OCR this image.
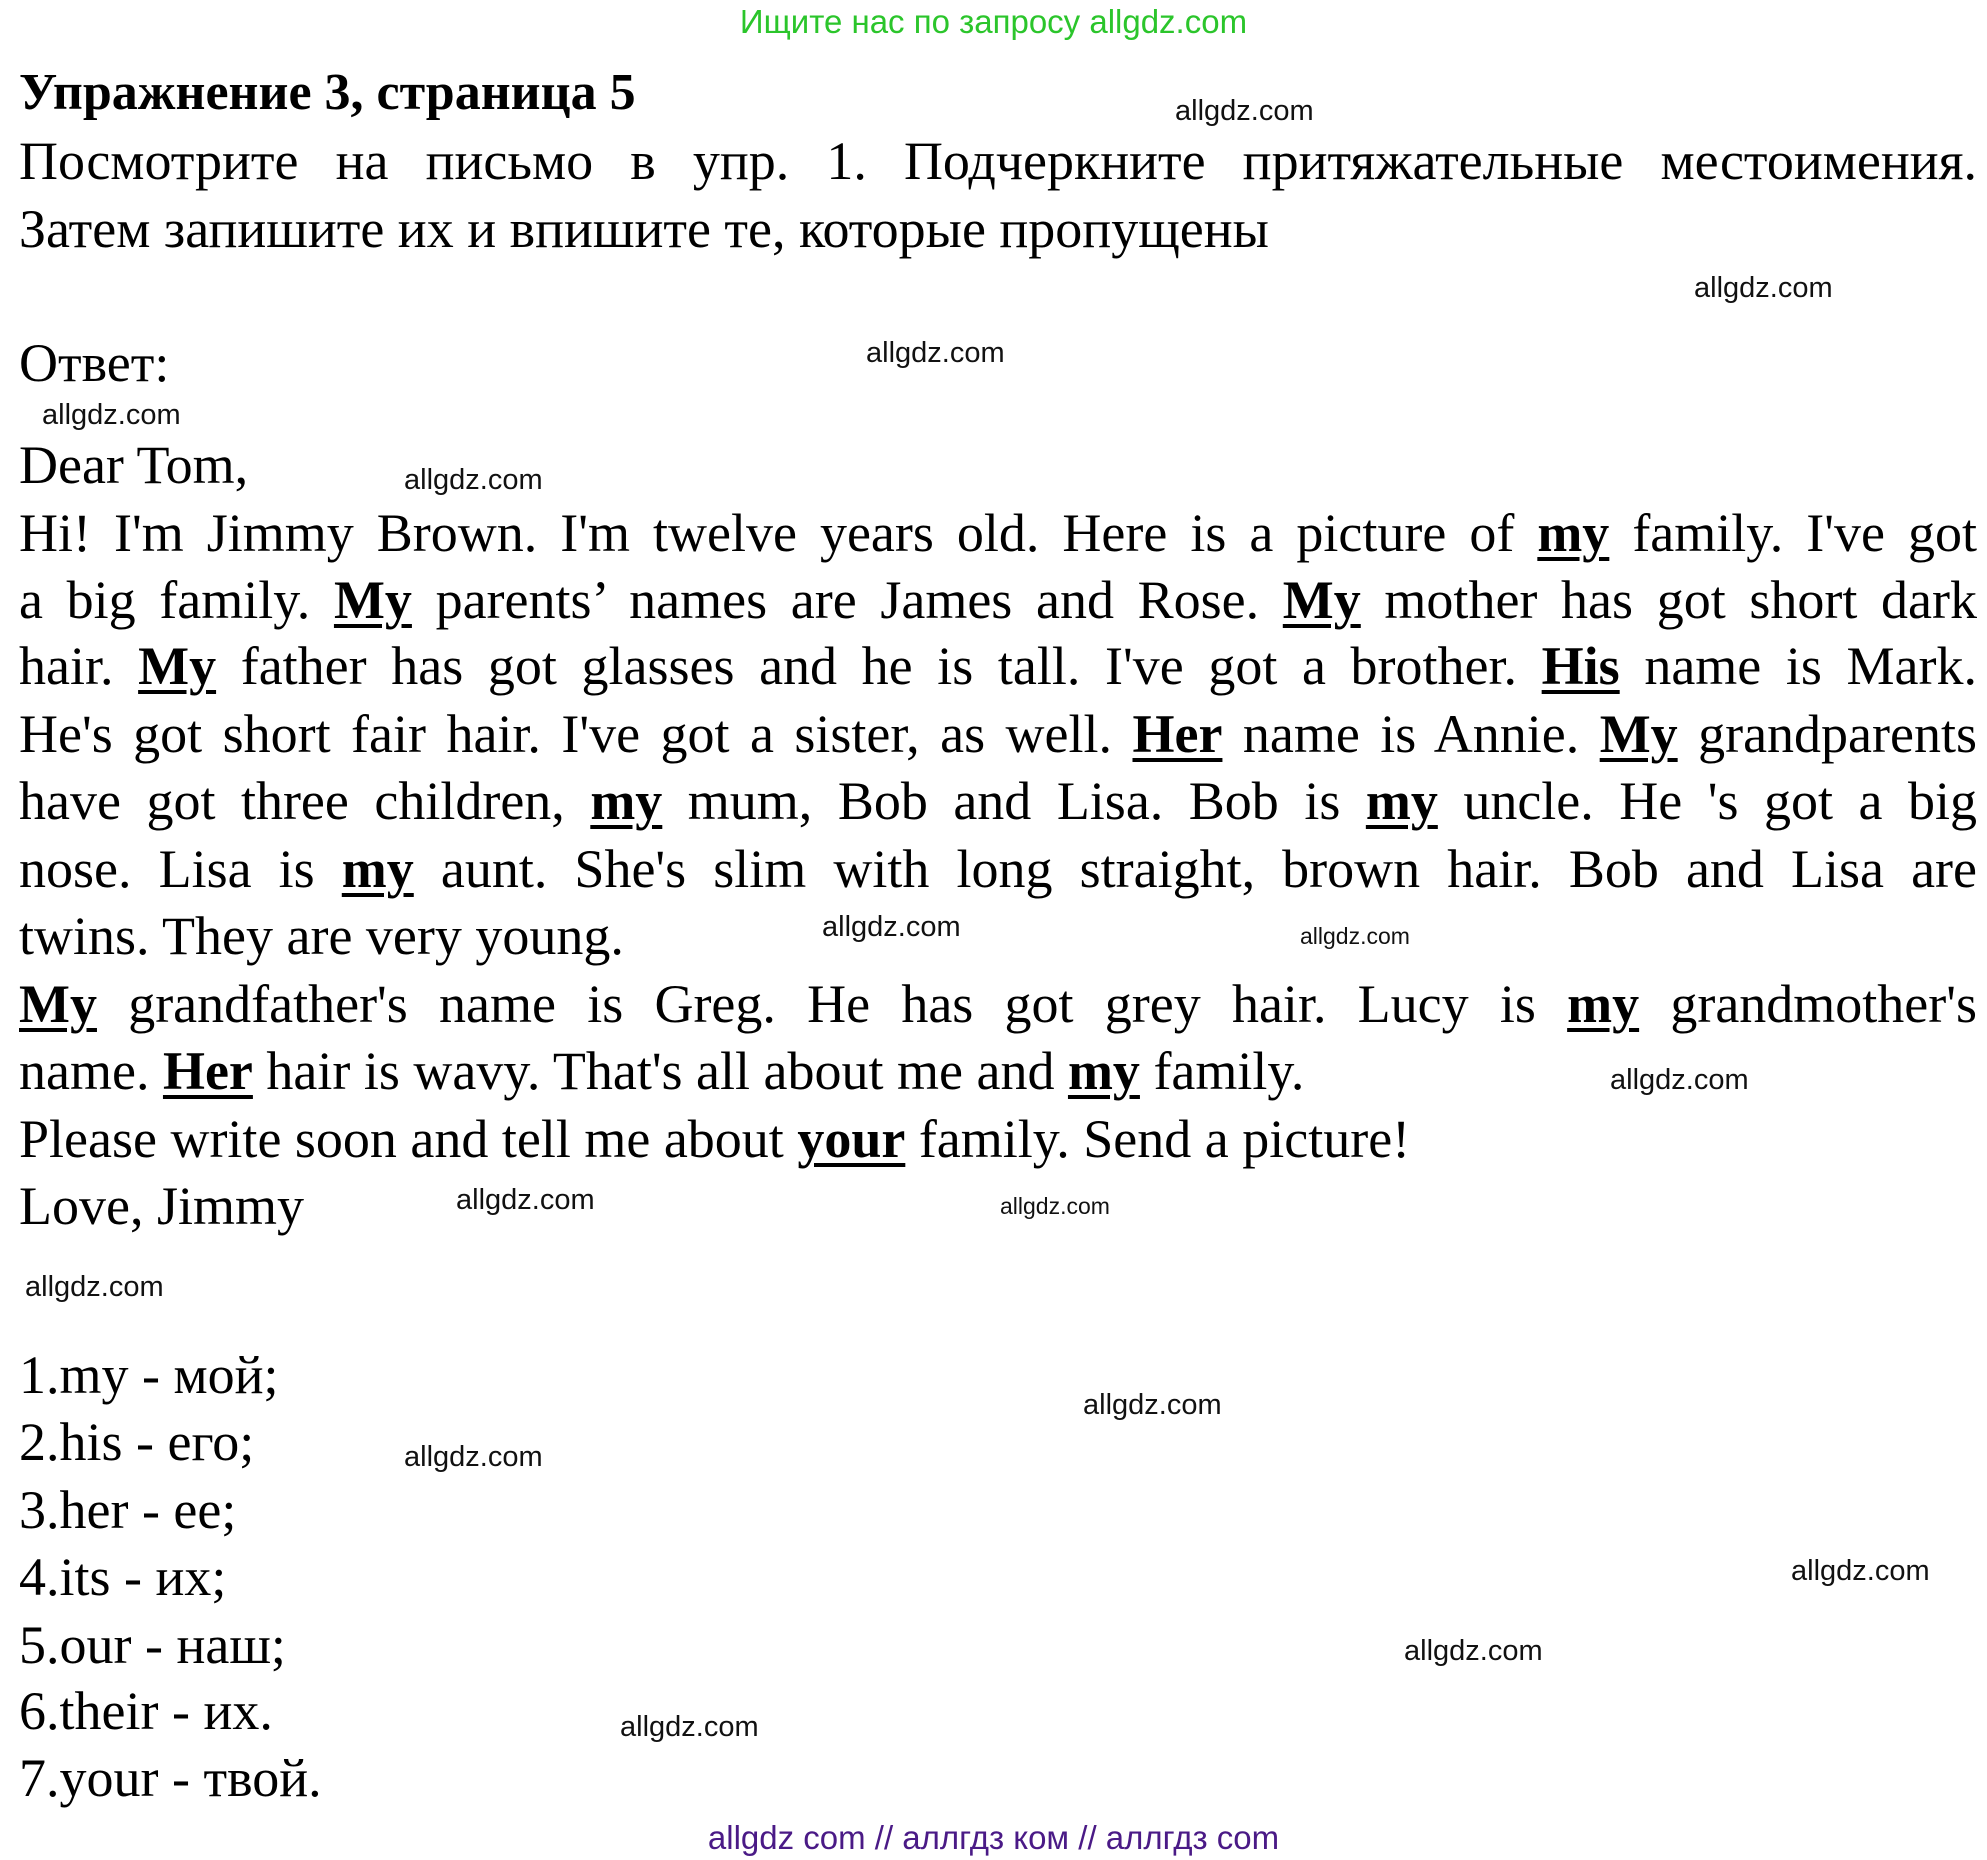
Ищите нас по запросу allgdz.com
Упражнение 3, страница 5
Посмотрите на письмо в упр. 1. Подчеркните притяжательные местоимения.
Затем запишите их и впишите те, которые пропущены
Ответ:
Dear Tom,
Hi! I'm Jimmy Brown. I'm twelve years old. Here is a picture of my family. I've got
a big family. My parents’ names are James and Rose. My mother has got short dark
hair. My father has got glasses and he is tall. I've got a brother. His name is Mark.
He's got short fair hair. I've got a sister, as well. Her name is Annie. My grandparents
have got three children, my mum, Bob and Lisa. Bob is my uncle. He 's got a big
nose. Lisa is my aunt. She's slim with long straight, brown hair. Bob and Lisa are
twins. They are very young.
My grandfather's name is Greg. He has got grey hair. Lucy is my grandmother's
name. Her hair is wavy. That's all about me and my family.
Please write soon and tell me about your family. Send a picture!
Love, Jimmy
1.my - мой;
2.his - его;
3.her - ее;
4.its - их;
5.our - наш;
6.their - их.
7.your - твой.
allgdz.com
allgdz.com
allgdz.com
allgdz.com
allgdz.com
allgdz.com
allgdz.com
allgdz.com
allgdz.com
allgdz.com
allgdz.com
allgdz.com
allgdz.com
allgdz.com
allgdz.com
allgdz.com
allgdz com // аллгдз ком // аллгдз com
